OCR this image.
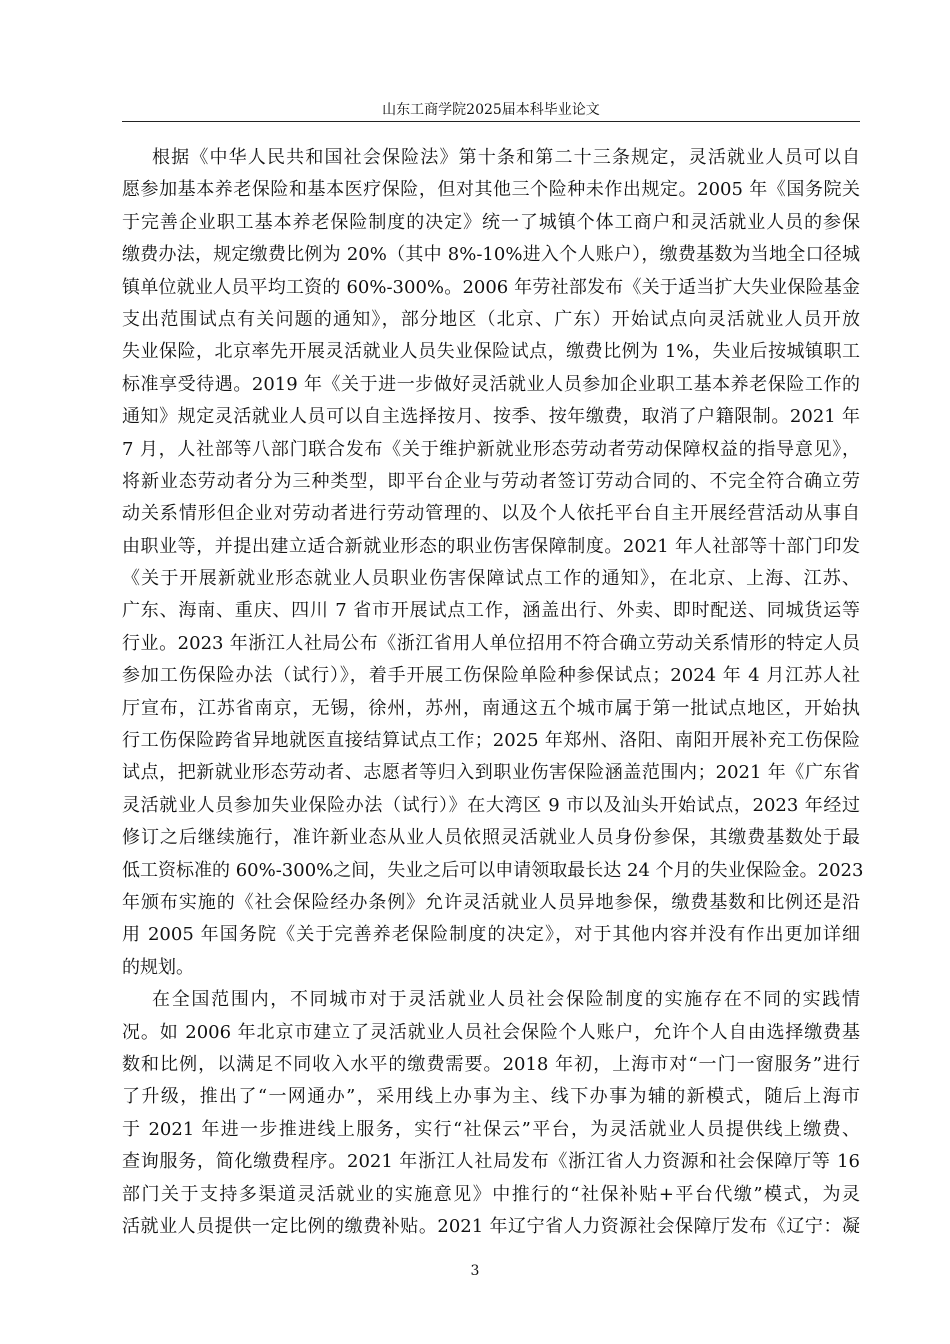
山东工商学院2025届本科毕业论文
根据《中华人民共和国社会保险法》第十条和第二十三条规定，灵活就业人员可以自
愿参加基本养老保险和基本医疗保险，但对其他三个险种未作出规定。2005 年《国务院关
于完善企业职工基本养老保险制度的决定》统一了城镇个体工商户和灵活就业人员的参保
缴费办法，规定缴费比例为 20%（其中 8%-10%进入个人账户），缴费基数为当地全口径城
镇单位就业人员平均工资的 60%-300%。2006 年劳社部发布《关于适当扩大失业保险基金
支出范围试点有关问题的通知》，部分地区（北京、广东）开始试点向灵活就业人员开放
失业保险，北京率先开展灵活就业人员失业保险试点，缴费比例为 1%，失业后按城镇职工
标准享受待遇。2019 年《关于进一步做好灵活就业人员参加企业职工基本养老保险工作的
通知》规定灵活就业人员可以自主选择按月、按季、按年缴费，取消了户籍限制。2021 年
7 月，人社部等八部门联合发布《关于维护新就业形态劳动者劳动保障权益的指导意见》，
将新业态劳动者分为三种类型，即平台企业与劳动者签订劳动合同的、不完全符合确立劳
动关系情形但企业对劳动者进行劳动管理的、以及个人依托平台自主开展经营活动从事自
由职业等，并提出建立适合新就业形态的职业伤害保障制度。2021 年人社部等十部门印发
《关于开展新就业形态就业人员职业伤害保障试点工作的通知》，在北京、上海、江苏、
广东、海南、重庆、四川 7 省市开展试点工作，涵盖出行、外卖、即时配送、同城货运等
行业。2023 年浙江人社局公布《浙江省用人单位招用不符合确立劳动关系情形的特定人员
参加工伤保险办法（试行）》，着手开展工伤保险单险种参保试点；2024 年 4 月江苏人社
厅宣布，江苏省南京，无锡，徐州，苏州，南通这五个城市属于第一批试点地区，开始执
行工伤保险跨省异地就医直接结算试点工作；2025 年郑州、洛阳、南阳开展补充工伤保险
试点，把新就业形态劳动者、志愿者等归入到职业伤害保险涵盖范围内；2021 年《广东省
灵活就业人员参加失业保险办法（试行）》在大湾区 9 市以及汕头开始试点，2023 年经过
修订之后继续施行，准许新业态从业人员依照灵活就业人员身份参保，其缴费基数处于最
低工资标准的 60%-300%之间，失业之后可以申请领取最长达 24 个月的失业保险金。2023
年颁布实施的《社会保险经办条例》允许灵活就业人员异地参保，缴费基数和比例还是沿
用 2005 年国务院《关于完善养老保险制度的决定》，对于其他内容并没有作出更加详细
的规划。
在全国范围内，不同城市对于灵活就业人员社会保险制度的实施存在不同的实践情
况。如 2006 年北京市建立了灵活就业人员社会保险个人账户，允许个人自由选择缴费基
数和比例，以满足不同收入水平的缴费需要。2018 年初，上海市对“一门一窗服务”进行
了升级，推出了“一网通办”，采用线上办事为主、线下办事为辅的新模式，随后上海市
于 2021 年进一步推进线上服务，实行“社保云”平台，为灵活就业人员提供线上缴费、
查询服务，简化缴费程序。2021 年浙江人社局发布《浙江省人力资源和社会保障厅等 16
部门关于支持多渠道灵活就业的实施意见》中推行的“社保补贴+平台代缴”模式，为灵
活就业人员提供一定比例的缴费补贴。2021 年辽宁省人力资源社会保障厅发布《辽宁：凝
3
